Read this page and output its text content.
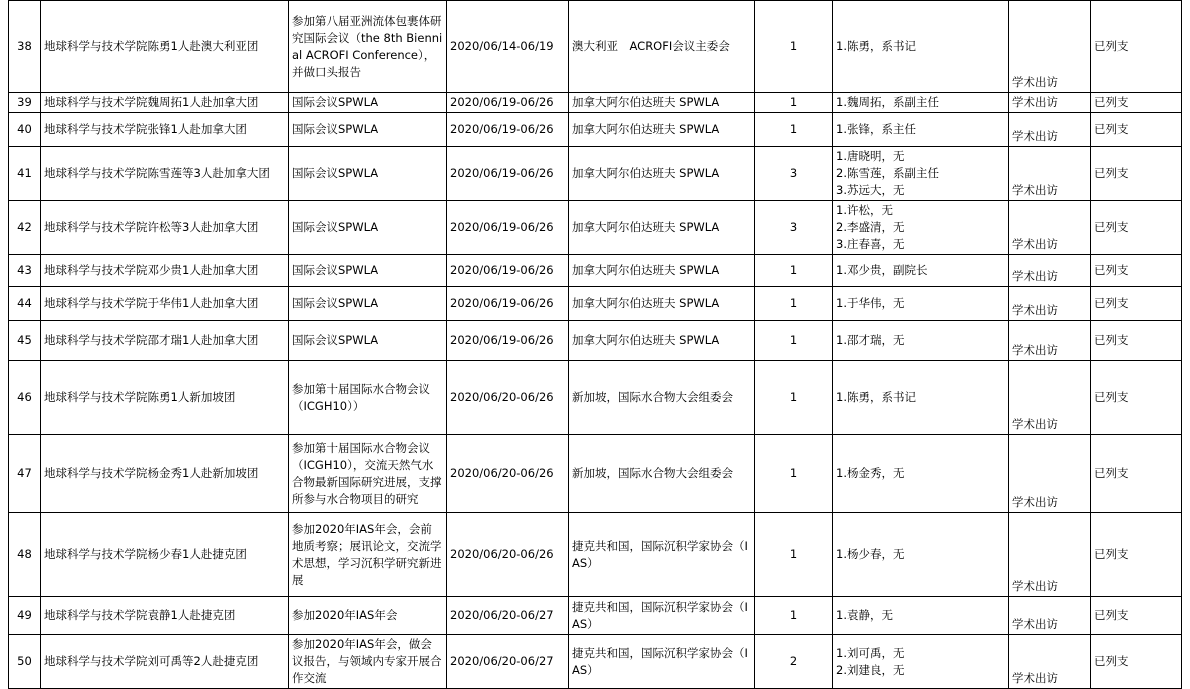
38	地球科学与技术学院陈勇1人赴澳大利亚团	参加第八届亚洲流体包裹体研究国际会议（the 8th Biennial ACROFI Conference），并做口头报告	2020/06/14-06/19	澳大利亚　ACROFI会议主委会	1	1.陈勇，系书记	学术出访	已列支
39	地球科学与技术学院魏周拓1人赴加拿大团	国际会议SPWLA	2020/06/19-06/26	加拿大阿尔伯达班夫 SPWLA	1	1.魏周拓，系副主任	学术出访	已列支
40	地球科学与技术学院张锋1人赴加拿大团	国际会议SPWLA	2020/06/19-06/26	加拿大阿尔伯达班夫 SPWLA	1	1.张锋，系主任	学术出访	已列支
41	地球科学与技术学院陈雪莲等3人赴加拿大团	国际会议SPWLA	2020/06/19-06/26	加拿大阿尔伯达班夫 SPWLA	3	1.唐晓明，无
2.陈雪莲，系副主任
3.苏远大，无	学术出访	已列支
42	地球科学与技术学院许松等3人赴加拿大团	国际会议SPWLA	2020/06/19-06/26	加拿大阿尔伯达班夫 SPWLA	3	1.许松，无
2.李盛清，无
3.庄春喜，无	学术出访	已列支
43	地球科学与技术学院邓少贵1人赴加拿大团	国际会议SPWLA	2020/06/19-06/26	加拿大阿尔伯达班夫 SPWLA	1	1.邓少贵，副院长	学术出访	已列支
44	地球科学与技术学院于华伟1人赴加拿大团	国际会议SPWLA	2020/06/19-06/26	加拿大阿尔伯达班夫 SPWLA	1	1.于华伟，无	学术出访	已列支
45	地球科学与技术学院邵才瑞1人赴加拿大团	国际会议SPWLA	2020/06/19-06/26	加拿大阿尔伯达班夫 SPWLA	1	1.邵才瑞，无	学术出访	已列支
46	地球科学与技术学院陈勇1人新加坡团	参加第十届国际水合物会议（ICGH10））	2020/06/20-06/26	新加坡，国际水合物大会组委会	1	1.陈勇，系书记	学术出访	已列支
47	地球科学与技术学院杨金秀1人赴新加坡团	参加第十届国际水合物会议（ICGH10），交流天然气水合物最新国际研究进展，支撑所参与水合物项目的研究	2020/06/20-06/26	新加坡，国际水合物大会组委会	1	1.杨金秀，无	学术出访	已列支
48	地球科学与技术学院杨少春1人赴捷克团	参加2020年IAS年会，会前地质考察；展讯论文，交流学术思想，学习沉积学研究新进展	2020/06/20-06/26	捷克共和国，国际沉积学家协会（IAS）	1	1.杨少春，无	学术出访	已列支
49	地球科学与技术学院袁静1人赴捷克团	参加2020年IAS年会	2020/06/20-06/27	捷克共和国，国际沉积学家协会（IAS）	1	1.袁静，无	学术出访	已列支
50	地球科学与技术学院刘可禹等2人赴捷克团	参加2020年IAS年会，做会议报告，与领域内专家开展合作交流	2020/06/20-06/27	捷克共和国，国际沉积学家协会（IAS）	2	1.刘可禹，无
2.刘建良，无	学术出访	已列支
